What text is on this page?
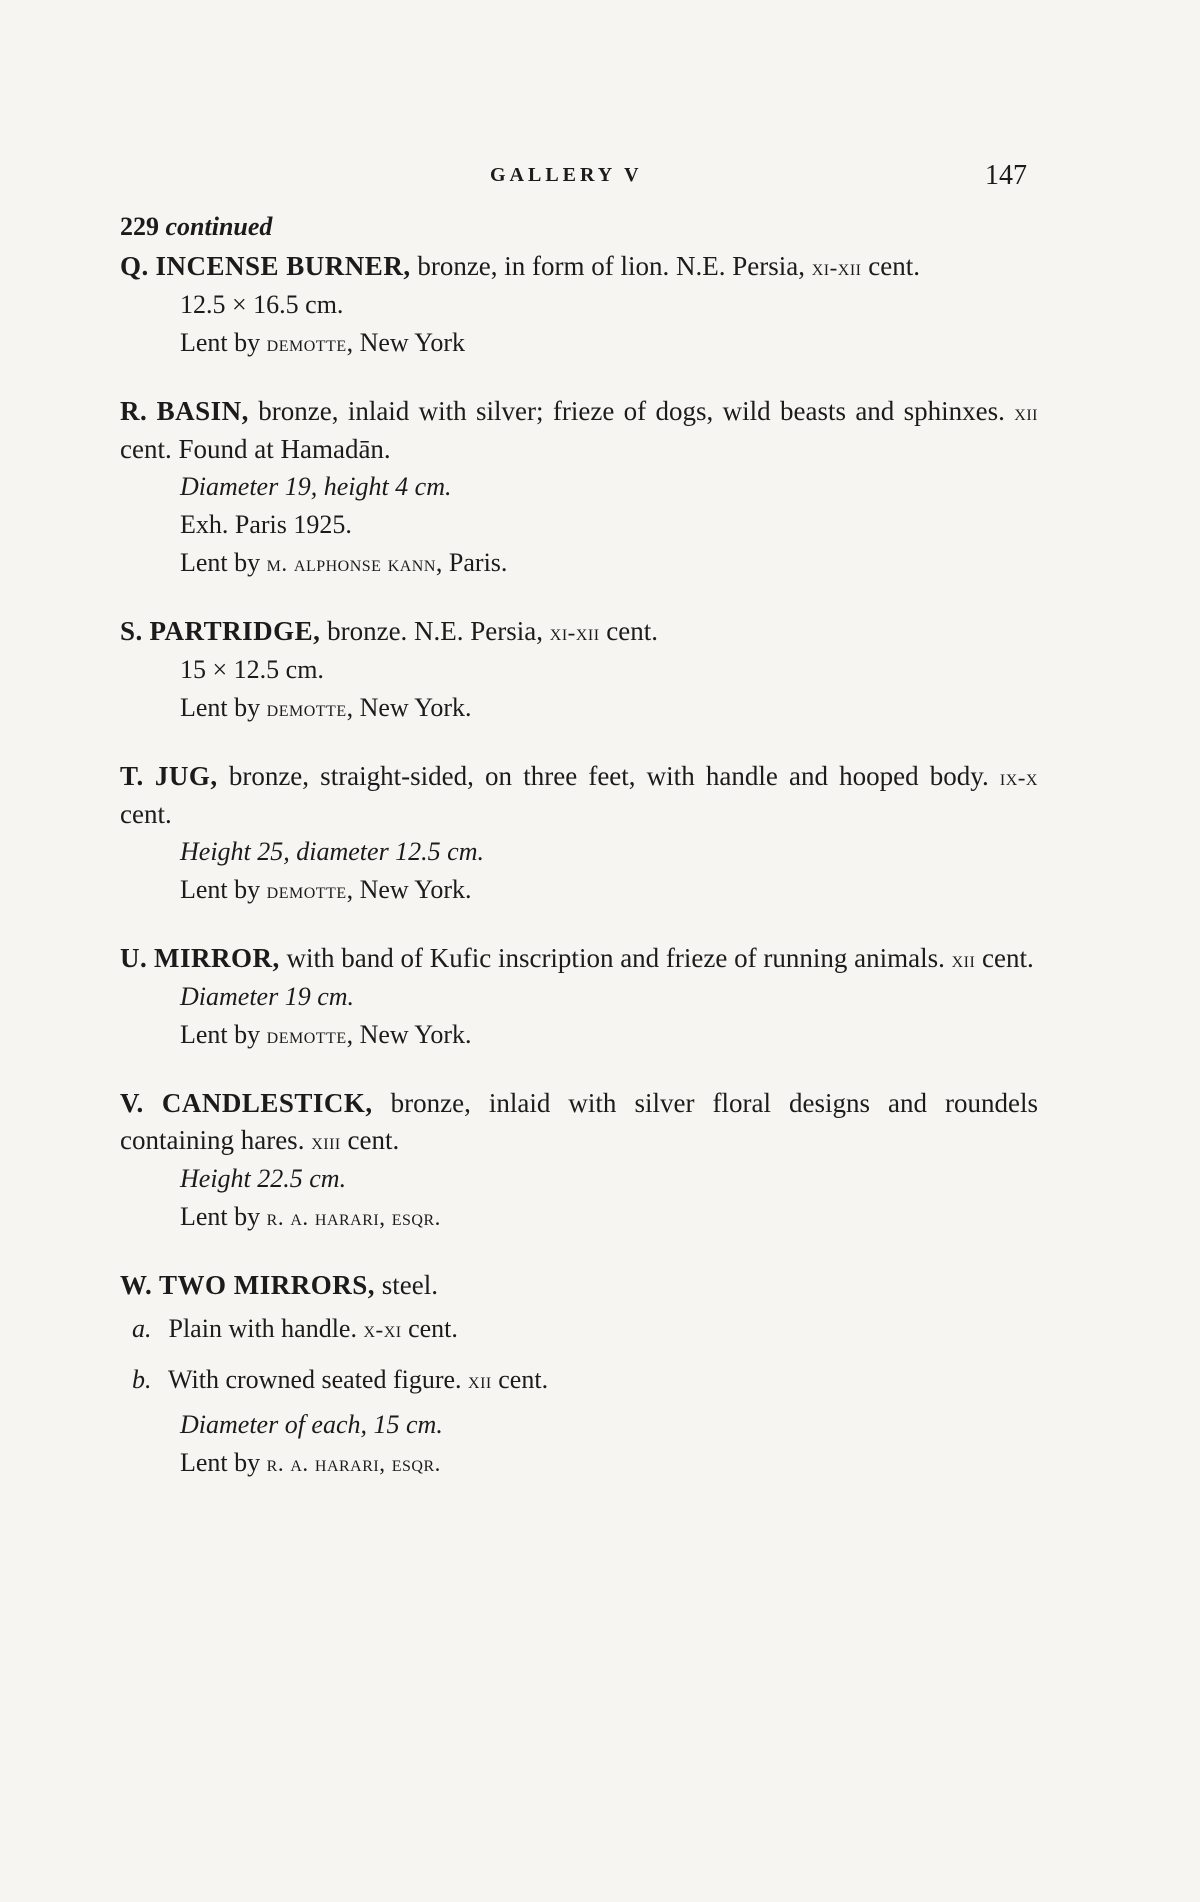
GALLERY V	147

229 continued

Q. INCENSE BURNER, bronze, in form of lion. N.E. Persia, xi-xii cent.

12.5 × 16.5 cm.

Lent by demotte, New York

R. BASIN, bronze, inlaid with silver; frieze of dogs, wild beasts and sphinxes. xii cent. Found at Hamadān.

Diameter 19, height 4 cm.

Exh. Paris 1925.

Lent by m. alphonse kann, Paris.

S. PARTRIDGE, bronze. N.E. Persia, xi-xii cent.

15 × 12.5 cm.

Lent by demotte, New York.

T. JUG, bronze, straight-sided, on three feet, with handle and hooped body. ix-x cent.

Height 25, diameter 12.5 cm.

Lent by demotte, New York.

U. MIRROR, with band of Kufic inscription and frieze of running animals. xii cent.

Diameter 19 cm.

Lent by demotte, New York.

V. CANDLESTICK, bronze, inlaid with silver floral designs and roundels containing hares. xiii cent.

Height 22.5 cm.

Lent by r. a. harari, esqr.

W. TWO MIRRORS, steel.

a. Plain with handle. x-xi cent.

b. With crowned seated figure. xii cent.

Diameter of each, 15 cm.

Lent by r. a. harari, esqr.
